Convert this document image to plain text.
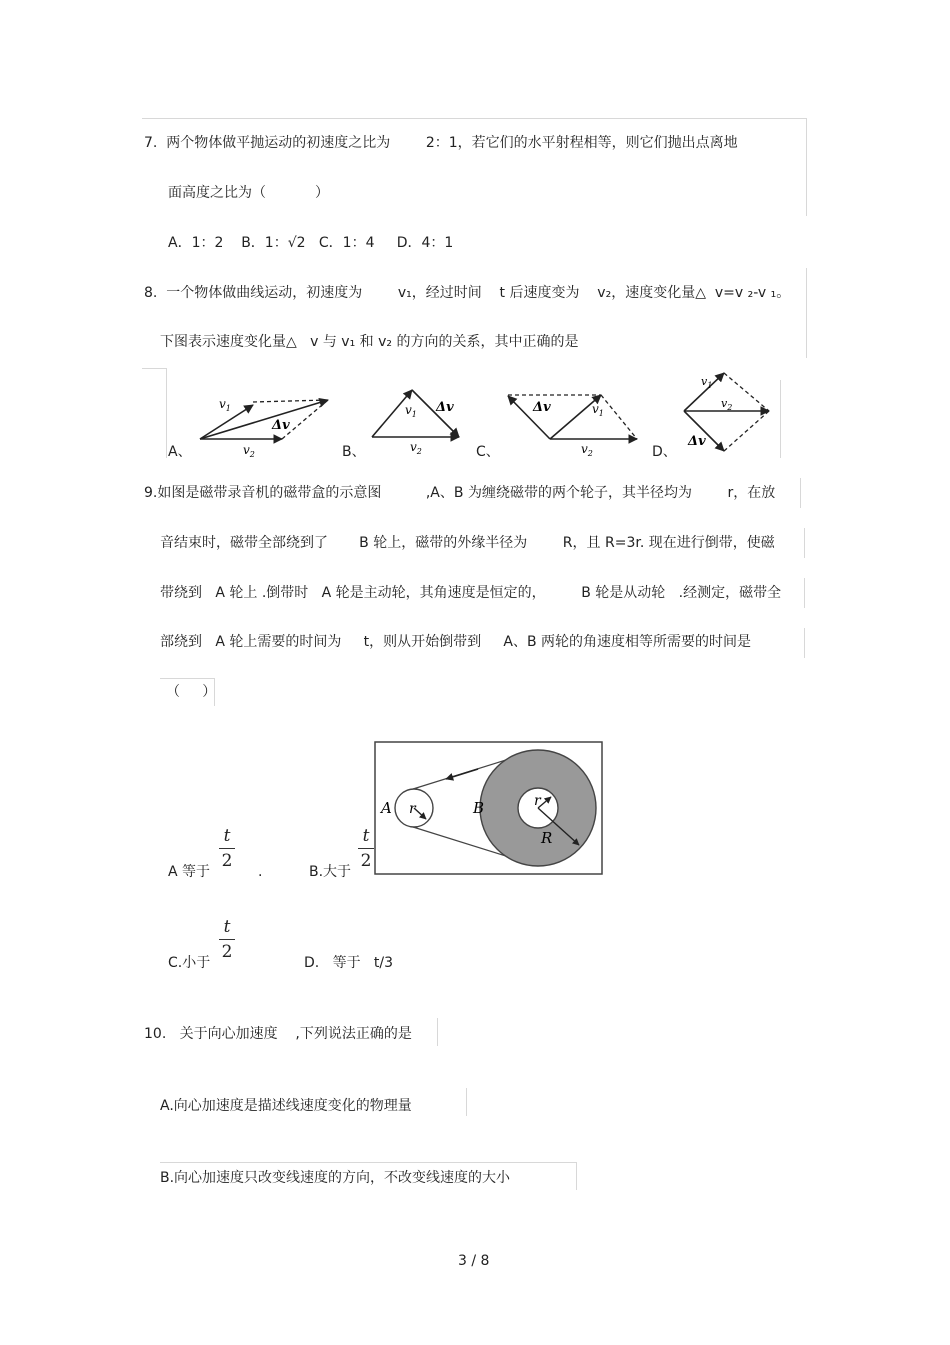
7.  两个物体做平抛运动的初速度之比为        2：1，若它们的水平射程相等，则它们抛出点离地
面高度之比为（           ）
A．1：2    B．1：√2   C．1：4     D．4：1
8.  一个物体做曲线运动，初速度为        v₁，经过时间    t 后速度变为    v₂，速度变化量△  v=v ₂-v ₁。
下图表示速度变化量△   v 与 v₁ 和 v₂ 的方向的关系，其中正确的是
$v_1$
Δv
$v_2$
$v_1$ Δv
$v_2$
Δv	$v_1$
$v_2$
$v_1$
$v_2$
Δv
A、	B、	C、	D、
9.如图是磁带录音机的磁带盒的示意图          ,A、B 为缠绕磁带的两个轮子，其半径均为        r，在放
音结束时，磁带全部绕到了       B 轮上，磁带的外缘半径为        R，且 R=3r. 现在进行倒带，使磁
带绕到   A 轮上 .倒带时   A 轮是主动轮，其角速度是恒定的，        B 轮是从动轮   .经测定，磁带全
部绕到   A 轮上需要的时间为     t，则从开始倒带到     A、B 两轮的角速度相等所需要的时间是
（     ）
A r	B	r
R
A 等于
t
2
.	B.大于
t
2
C.小于
t
2
D.   等于   t/3
10.   关于向心加速度    ,下列说法正确的是
A.向心加速度是描述线速度变化的物理量
B.向心加速度只改变线速度的方向，不改变线速度的大小
3 / 8
